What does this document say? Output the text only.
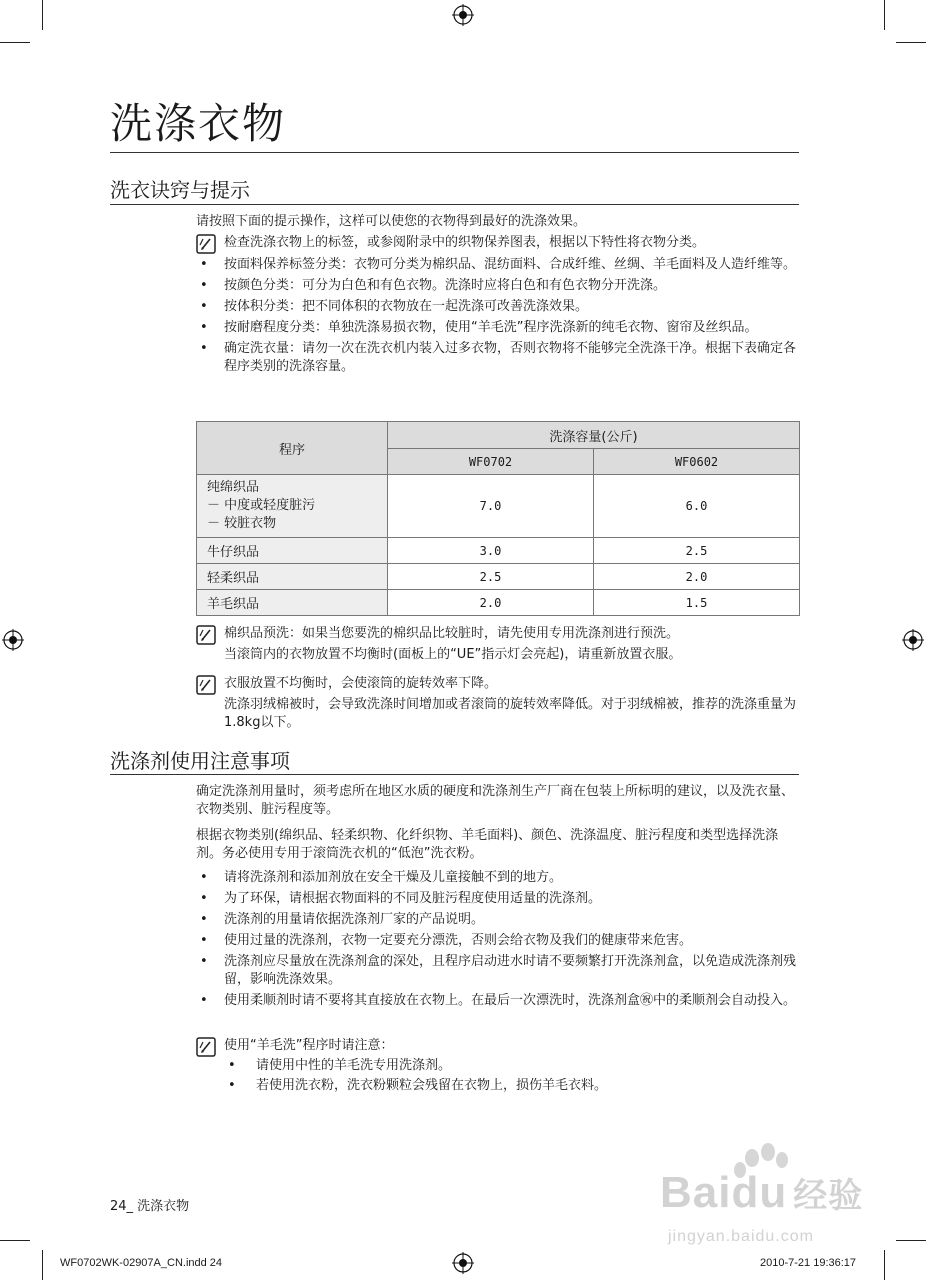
洗涤衣物
洗衣诀窍与提示

请按照下面的提示操作，这样可以使您的衣物得到最好的洗涤效果。

检查洗涤衣物上的标签，或参阅附录中的织物保养图表，根据以下特性将衣物分类。

• 按面料保养标签分类：衣物可分类为棉织品、混纺面料、合成纤维、丝绸、羊毛面料及人造纤维等。
• 按颜色分类：可分为白色和有色衣物。洗涤时应将白色和有色衣物分开洗涤。
• 按体积分类：把不同体积的衣物放在一起洗涤可改善洗涤效果。
• 按耐磨程度分类：单独洗涤易损衣物，使用“羊毛洗”程序洗涤新的纯毛衣物、窗帘及丝织品。
• 确定洗衣量：请勿一次在洗衣机内装入过多衣物，否则衣物将不能够完全洗涤干净。根据下表确定各程序类别的洗涤容量。
程序	洗涤容量(公斤)	
	WF0702	WF0602

纯绵织品
－ 中度或轻度脏污
－ 较脏衣物	7.0	6.0
牛仔织品	3.0	2.5
轻柔织品	2.5	2.0
羊毛织品	2.0	1.5

棉织品预洗：如果当您要洗的棉织品比较脏时，请先使用专用洗涤剂进行预洗。

当滚筒内的衣物放置不均衡时(面板上的“UE”指示灯会亮起)，请重新放置衣服。

衣服放置不均衡时，会使滚筒的旋转效率下降。

洗涤羽绒棉被时，会导致洗涤时间增加或者滚筒的旋转效率降低。对于羽绒棉被，推荐的洗涤重量为1.8kg以下。

洗涤剂使用注意事项

确定洗涤剂用量时，须考虑所在地区水质的硬度和洗涤剂生产厂商在包装上所标明的建议，以及洗衣量、衣物类别、脏污程度等。

根据衣物类别(绵织品、轻柔织物、化纤织物、羊毛面料)、颜色、洗涤温度、脏污程度和类型选择洗涤剂。务必使用专用于滚筒洗衣机的“低泡”洗衣粉。

• 请将洗涤剂和添加剂放在安全干燥及儿童接触不到的地方。
• 为了环保，请根据衣物面料的不同及脏污程度使用适量的洗涤剂。
• 洗涤剂的用量请依据洗涤剂厂家的产品说明。
• 使用过量的洗涤剂，衣物一定要充分漂洗，否则会给衣物及我们的健康带来危害。
• 洗涤剂应尽量放在洗涤剂盒的深处，且程序启动进水时请不要频繁打开洗涤剂盒，以免造成洗涤剂残留，影响洗涤效果。
• 使用柔顺剂时请不要将其直接放在衣物上。在最后一次漂洗时，洗涤剂盒㊗中的柔顺剂会自动投入。

使用“羊毛洗”程序时请注意：

• 请使用中性的羊毛洗专用洗涤剂。
• 若使用洗衣粉，洗衣粉颗粒会残留在衣物上，损伤羊毛衣料。
24_ 洗涤衣物
WF0702WK-02907A_CN.indd 24	2010-7-21 19:36:17
Baidu 经验
jingyan.baidu.com
